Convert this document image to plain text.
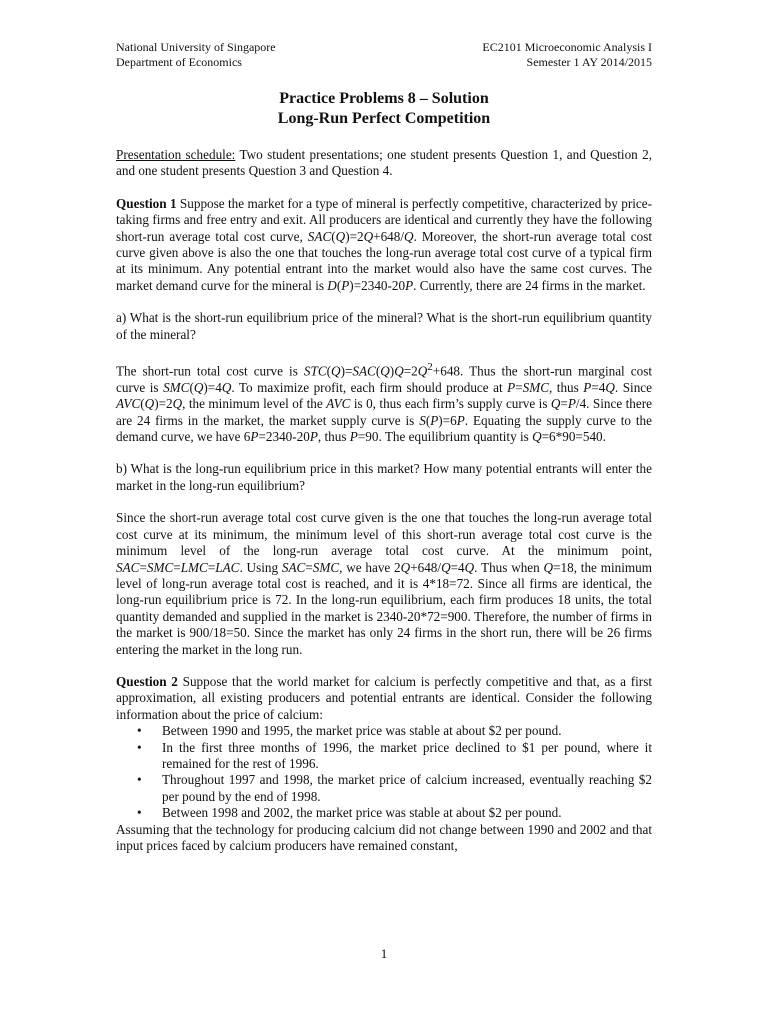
National University of Singapore
Department of Economics
EC2101 Microeconomic Analysis I
Semester 1 AY 2014/2015
Practice Problems 8 – Solution
Long-Run Perfect Competition

Presentation schedule: Two student presentations; one student presents Question 1, and Question 2, and one student presents Question 3 and Question 4.

Question 1 Suppose the market for a type of mineral is perfectly competitive, characterized by price-taking firms and free entry and exit. All producers are identical and currently they have the following short-run average total cost curve, SAC(Q)=2Q+648/Q. Moreover, the short-run average total cost curve given above is also the one that touches the long-run average total cost curve of a typical firm at its minimum. Any potential entrant into the market would also have the same cost curves. The market demand curve for the mineral is D(P)=2340-20P. Currently, there are 24 firms in the market.

a) What is the short-run equilibrium price of the mineral? What is the short-run equilibrium quantity of the mineral?

The short-run total cost curve is $STC(Q)=SAC(Q)Q=2Q^2+648$. Thus the short-run marginal cost curve is SMC(Q)=4Q. To maximize profit, each firm should produce at P=SMC, thus P=4Q. Since AVC(Q)=2Q, the minimum level of the AVC is 0, thus each firm’s supply curve is Q=P/4. Since there are 24 firms in the market, the market supply curve is S(P)=6P. Equating the supply curve to the demand curve, we have 6P=2340-20P, thus P=90. The equilibrium quantity is Q=6*90=540.

b) What is the long-run equilibrium price in this market? How many potential entrants will enter the market in the long-run equilibrium?

Since the short-run average total cost curve given is the one that touches the long-run average total cost curve at its minimum, the minimum level of this short-run average total cost curve is the minimum level of the long-run average total cost curve. At the minimum point, SAC=SMC=LMC=LAC. Using SAC=SMC, we have 2Q+648/Q=4Q. Thus when Q=18, the minimum level of long-run average total cost is reached, and it is 4*18=72. Since all firms are identical, the long-run equilibrium price is 72. In the long-run equilibrium, each firm produces 18 units, the total quantity demanded and supplied in the market is 2340-20*72=900. Therefore, the number of firms in the market is 900/18=50. Since the market has only 24 firms in the short run, there will be 26 firms entering the market in the long run.

Question 2 Suppose that the world market for calcium is perfectly competitive and that, as a first approximation, all existing producers and potential entrants are identical. Consider the following information about the price of calcium:

• Between 1990 and 1995, the market price was stable at about $2 per pound.
• In the first three months of 1996, the market price declined to $1 per pound, where it remained for the rest of 1996.
• Throughout 1997 and 1998, the market price of calcium increased, eventually reaching $2 per pound by the end of 1998.
• Between 1998 and 2002, the market price was stable at about $2 per pound.

Assuming that the technology for producing calcium did not change between 1990 and 2002 and that input prices faced by calcium producers have remained constant,

1
